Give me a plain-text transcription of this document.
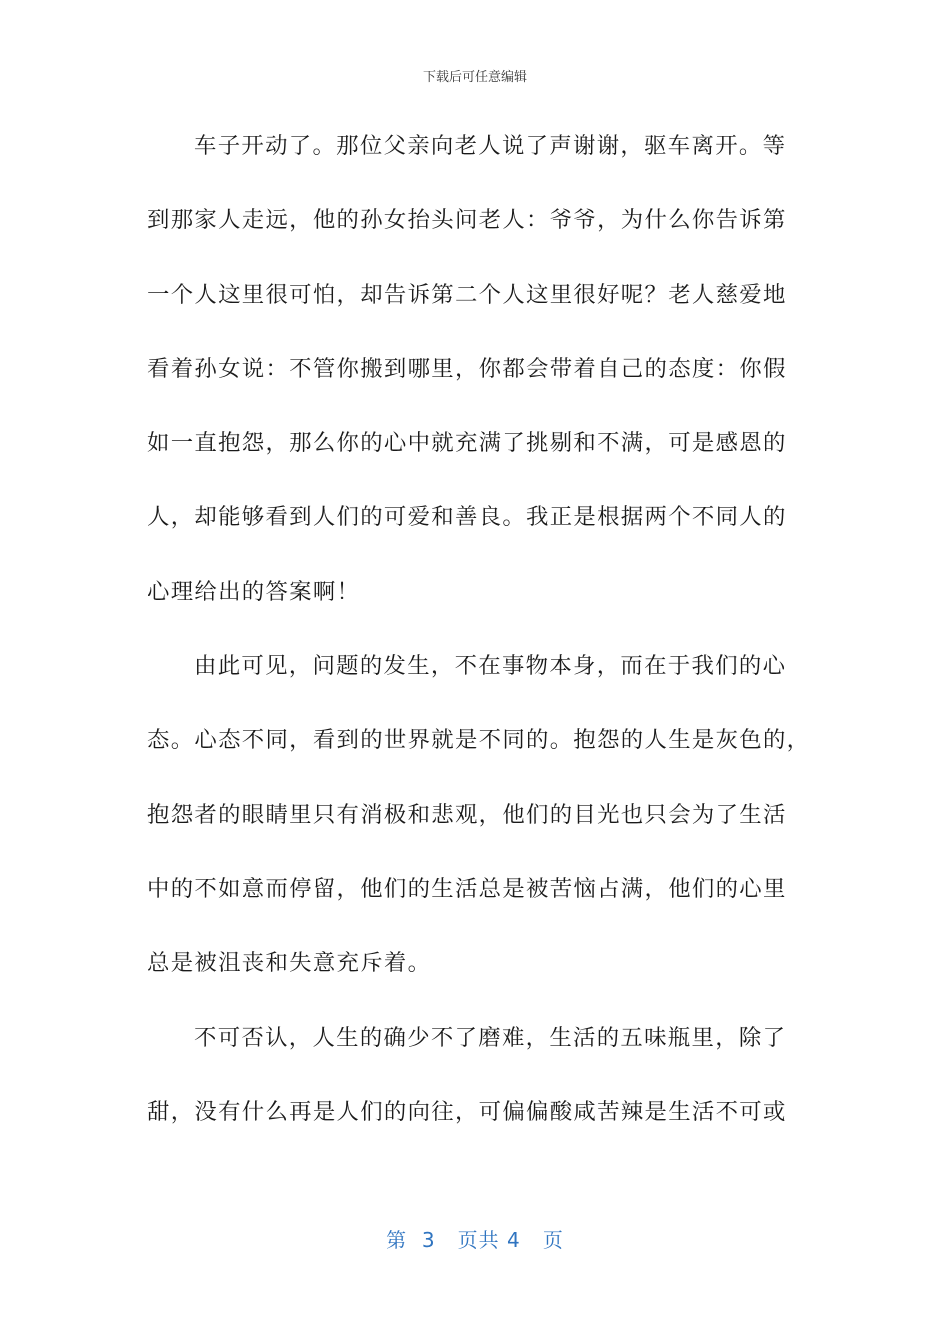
下载后可任意编辑
车子开动了。那位父亲向老人说了声谢谢，驱车离开。等
到那家人走远，他的孙女抬头问老人：爷爷，为什么你告诉第
一个人这里很可怕，却告诉第二个人这里很好呢？老人慈爱地
看着孙女说：不管你搬到哪里，你都会带着自己的态度：你假
如一直抱怨，那么你的心中就充满了挑剔和不满，可是感恩的
人，却能够看到人们的可爱和善良。我正是根据两个不同人的
心理给出的答案啊！
由此可见，问题的发生，不在事物本身，而在于我们的心
态。心态不同，看到的世界就是不同的。抱怨的人生是灰色的，
抱怨者的眼睛里只有消极和悲观，他们的目光也只会为了生活
中的不如意而停留，他们的生活总是被苦恼占满，他们的心里
总是被沮丧和失意充斥着。
不可否认，人生的确少不了磨难，生活的五味瓶里，除了
甜，没有什么再是人们的向往，可偏偏酸咸苦辣是生活不可或
第  3   页共 4   页
